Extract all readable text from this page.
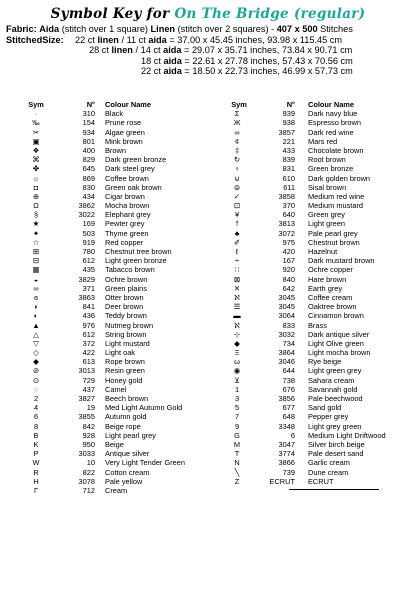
Symbol Key for On The Bridge (regular)
Fabric: Aida (stitch over 1 square) Linen (stitch over 2 squares) - 407 x 500 Stitches
StitchedSize: 22 ct linen / 11 ct aida = 37.00 x 45.45 inches, 93.98 x 115.45 cm
28 ct linen / 14 ct aida = 29.07 x 35.71 inches, 73.84 x 90.71 cm
18 ct aida = 22.61 x 27.78 inches, 57.43 x 70.56 cm
22 ct aida = 18.50 x 22.73 inches, 46.99 x 57.73 cm
Sym	N° Colour Name
·	310 Black
‰	154 Prune rose
✂	934 Algae green
▣	801 Mink brown
❖	400 Brown
⌘	829 Dark green bronze
✤	645 Dark steel grey
☼	869 Coffee brown
◘	830 Green oak brown
⊕	434 Cigar brown
Ω	3862 Mocha brown
§	3022 Elephant grey
★	169 Pewter grey
✦	503 Thyme green
☆	919 Red copper
⊞	780 Chestnut tree brown
⊟	612 Light green bronze
▦	435 Tabacco brown
◒	3829 Ochre brown
∞	371 Green plains
ɞ	3863 Otter brown
◗	841 Deer brown
◐	436 Teddy brown
▲	976 Nutmeg brown
△	612 String brown
▽	372 Light mustard
◇	422 Light oak
◆	613 Rope brown
⊘	3013 Resin green
⊙	729 Honey gold
◌	437 Camel
2	3827 Beech brown
4	19 Med Light Autumn Gold
6	3855 Autumn gold
8	842 Beige rope
B	928 Light pearl grey
K	950 Beige
P	3033 Antique silver
W	10 Very Light Tender Green
R	822 Cotton cream
H	3078 Pale yellow
Γ	712 Cream
Sym	N° Colour Name
Σ	939 Dark navy blue
Ж	938 Espresso brown
∞	3857 Dark red wine
¢	221 Mars red
‡	433 Chocolate brown
↻	839 Root brown
♀	831 Green bronze
⊍	610 Dark golden brown
⊜	611 Sisal brown
✓	3858 Medium red wine
⊡	370 Medium mustard
¥	640 Green grey
†	3813 Light green
♣	3072 Pale pearl grey
✐	975 Chestnut brown
ℓ	420 Hazelnut
÷	167 Dark mustard brown
∷	920 Ochre copper
⊠	840 Hare brown
✕	642 Earth grey
ℵ	3045 Coffee cream
☰	3045 Oaktree brown
▬	3064 Cinnamon brown
ℵ	833 Brass
⊹	3032 Dark antique silver
◆	734 Light Olive green
Ξ	3864 Light mocha brown
ω	3046 Rye beige
◉	644 Light green grey
⊻	738 Sahara cream
1	676 Savannah gold
3	3856 Pale beechwood
5	677 Sand gold
7	648 Pepper grey
9	3348 Light grey green
G	6 Medium Light Driftwood
M	3047 Silver birch beige
T	3774 Pale desert sand
N	3866 Garlic cream
╲	739 Dune cream
Z	ECRUT ECRUT
